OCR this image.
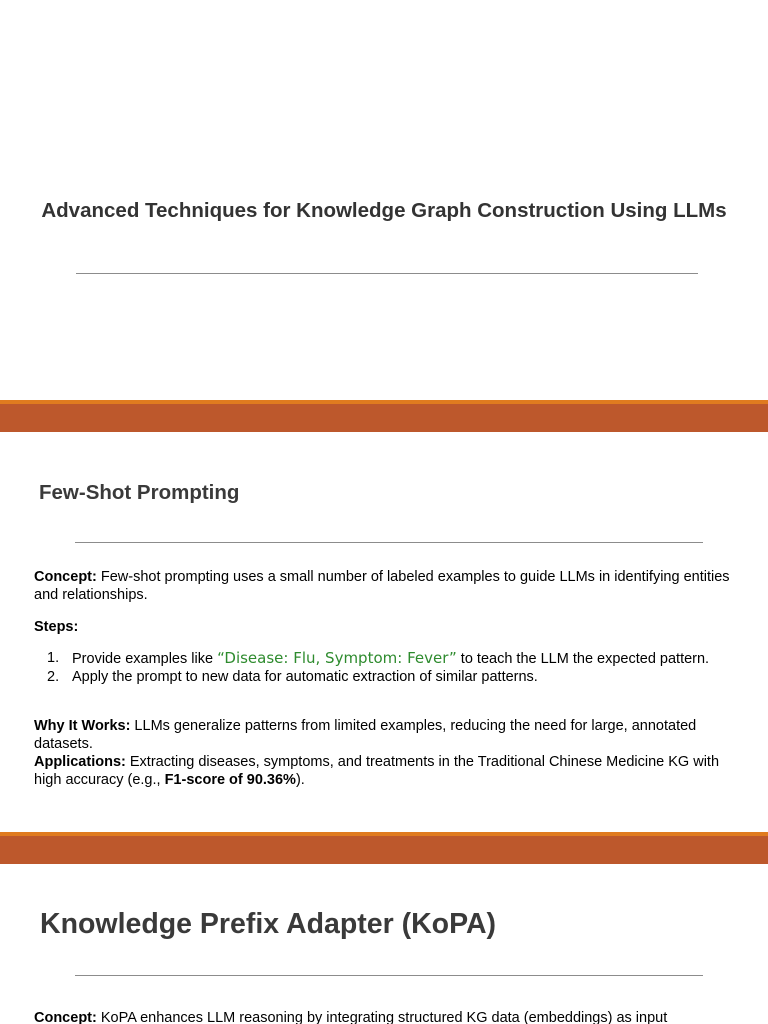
Advanced Techniques for Knowledge Graph Construction Using LLMs
Few-Shot Prompting
Concept: Few-shot prompting uses a small number of labeled examples to guide LLMs in identifying entities and relationships.
Steps:
1. Provide examples like “Disease: Flu, Symptom: Fever” to teach the LLM the expected pattern.
2. Apply the prompt to new data for automatic extraction of similar patterns.
Why It Works: LLMs generalize patterns from limited examples, reducing the need for large, annotated datasets.
Applications: Extracting diseases, symptoms, and treatments in the Traditional Chinese Medicine KG with high accuracy (e.g., F1-score of 90.36%).
Knowledge Prefix Adapter (KoPA)
Concept: KoPA enhances LLM reasoning by integrating structured KG data (embeddings) as input
